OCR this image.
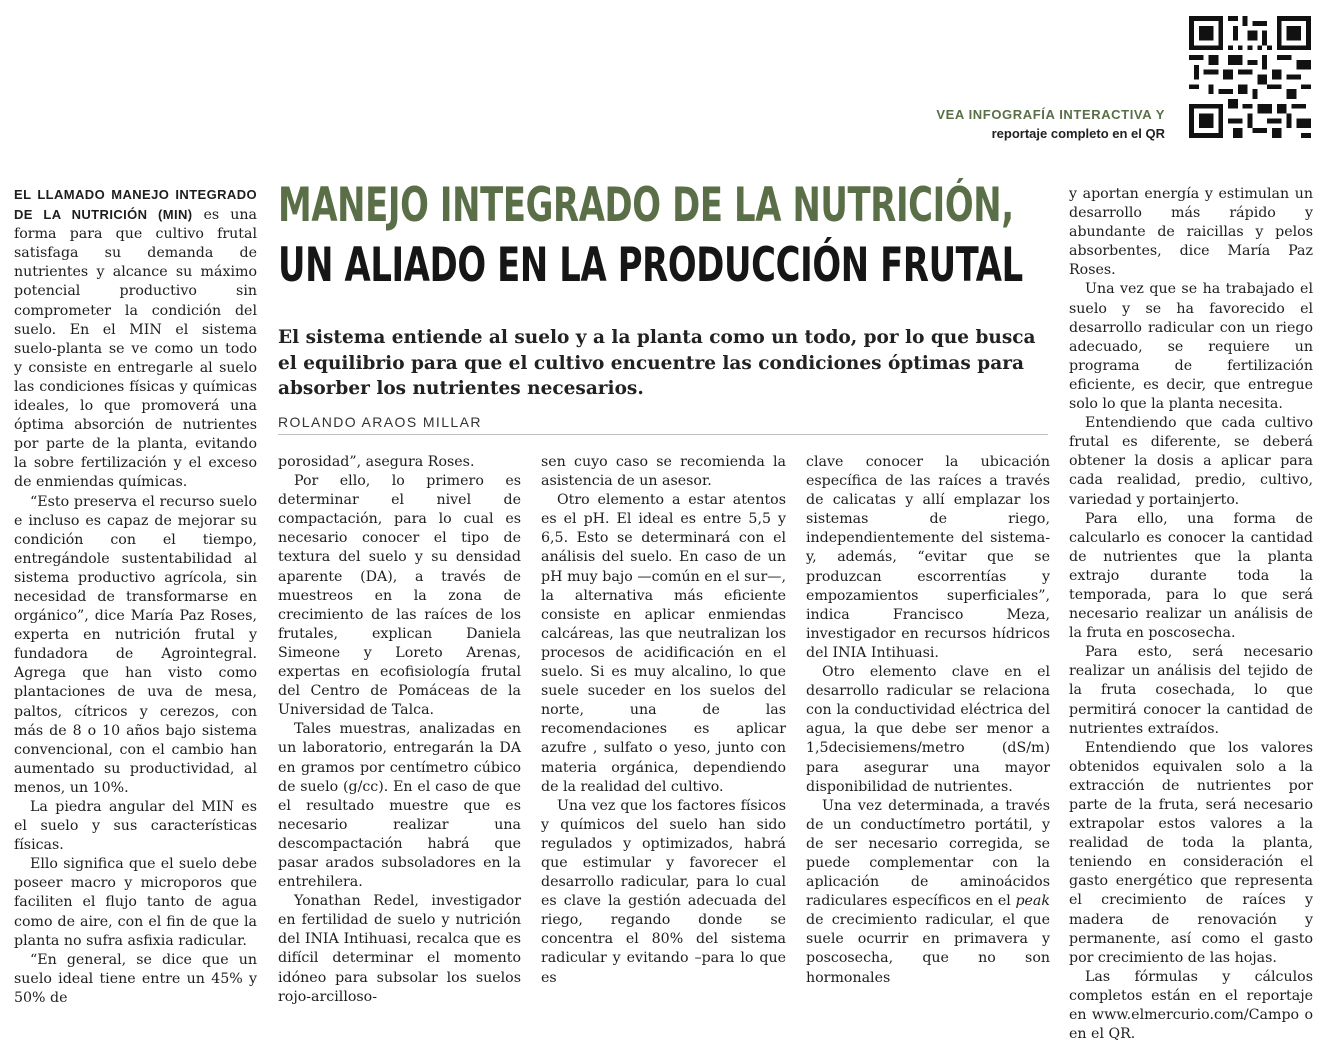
VEA INFOGRAFÍA INTERACTIVA Y
reportaje completo en el QR
MANEJO INTEGRADO DE LA NUTRICIÓN,
UN ALIADO EN LA PRODUCCIÓN FRUTAL
El sistema entiende al suelo y a la planta como un todo, por lo que busca el equilibrio para que el cultivo encuentre las condiciones óptimas para absorber los nutrientes necesarios.
ROLANDO ARAOS MILLAR

EL LLAMADO MANEJO INTEGRADO DE LA NUTRICIÓN (MIN) es una forma para que cultivo frutal satisfaga su demanda de nutrientes y alcance su máximo potencial productivo sin comprometer la condición del suelo. En el MIN el sistema suelo-planta se ve como un todo y consiste en entregarle al suelo las condiciones físicas y químicas ideales, lo que promoverá una óptima absorción de nutrientes por parte de la planta, evitando la sobre fertilización y el exceso de enmiendas químicas.

“Esto preserva el recurso suelo e incluso es capaz de mejorar su condición con el tiempo, entregándole sustentabilidad al sistema productivo agrícola, sin necesidad de transformarse en orgánico”, dice María Paz Roses, experta en nutrición frutal y fundadora de Agrointegral. Agrega que han visto como plantaciones de uva de mesa, paltos, cítricos y cerezos, con más de 8 o 10 años bajo sistema convencional, con el cambio han aumentado su productividad, al menos, un 10%.

La piedra angular del MIN es el suelo y sus características físicas.

Ello significa que el suelo debe poseer macro y microporos que faciliten el flujo tanto de agua como de aire, con el fin de que la planta no sufra asfixia radicular.

“En general, se dice que un suelo ideal tiene entre un 45% y 50% de

porosidad”, asegura Roses.

Por ello, lo primero es determinar el nivel de compactación, para lo cual es necesario conocer el tipo de textura del suelo y su densidad aparente (DA), a través de muestreos en la zona de crecimiento de las raíces de los frutales, explican Daniela Simeone y Loreto Arenas, expertas en ecofisiología frutal del Centro de Pomáceas de la Universidad de Talca.

Tales muestras, analizadas en un laboratorio, entregarán la DA en gramos por centímetro cúbico de suelo (g/cc). En el caso de que el resultado muestre que es necesario realizar una descompactación habrá que pasar arados subsoladores en la entrehilera.

Yonathan Redel, investigador en fertilidad de suelo y nutrición del INIA Intihuasi, recalca que es difícil determinar el momento idóneo para subsolar los suelos rojo-arcilloso-

sen cuyo caso se recomienda la asistencia de un asesor.

Otro elemento a estar atentos es el pH. El ideal es entre 5,5 y 6,5. Esto se determinará con el análisis del suelo. En caso de un pH muy bajo —común en el sur—, la alternativa más eficiente consiste en aplicar enmiendas calcáreas, las que neutralizan los procesos de acidificación en el suelo. Si es muy alcalino, lo que suele suceder en los suelos del norte, una de las recomendaciones es aplicar azufre , sulfato o yeso, junto con materia orgánica, dependiendo de la realidad del cultivo.

Una vez que los factores físicos y químicos del suelo han sido regulados y optimizados, habrá que estimular y favorecer el desarrollo radicular, para lo cual es clave la gestión adecuada del riego, regando donde se concentra el 80% del sistema radicular y evitando –para lo que es

clave conocer la ubicación específica de las raíces a través de calicatas y allí emplazar los sistemas de riego, independientemente del sistema- y, además, “evitar que se produzcan escorrentías y empozamientos superficiales”, indica Francisco Meza, investigador en recursos hídricos del INIA Intihuasi.

Otro elemento clave en el desarrollo radicular se relaciona con la conductividad eléctrica del agua, la que debe ser menor a 1,5decisiemens/metro (dS/m) para asegurar una mayor disponibilidad de nutrientes.

Una vez determinada, a través de un conductímetro portátil, y de ser necesario corregida, se puede complementar con la aplicación de aminoácidos radiculares específicos en el peak de crecimiento radicular, el que suele ocurrir en primavera y poscosecha, que no son hormonales

y aportan energía y estimulan un desarrollo más rápido y abundante de raicillas y pelos absorbentes, dice María Paz Roses.

Una vez que se ha trabajado el suelo y se ha favorecido el desarrollo radicular con un riego adecuado, se requiere un programa de fertilización eficiente, es decir, que entregue solo lo que la planta necesita.

Entendiendo que cada cultivo frutal es diferente, se deberá obtener la dosis a aplicar para cada realidad, predio, cultivo, variedad y portainjerto.

Para ello, una forma de calcularlo es conocer la cantidad de nutrientes que la planta extrajo durante toda la temporada, para lo que será necesario realizar un análisis de la fruta en poscosecha.

Para esto, será necesario realizar un análisis del tejido de la fruta cosechada, lo que permitirá conocer la cantidad de nutrientes extraídos.

Entendiendo que los valores obtenidos equivalen solo a la extracción de nutrientes por parte de la fruta, será necesario extrapolar estos valores a la realidad de toda la planta, teniendo en consideración el gasto energético que representa el crecimiento de raíces y madera de renovación y permanente, así como el gasto por crecimiento de las hojas.

Las fórmulas y cálculos completos están en el reportaje en www.elmercurio.com/Campo o en el QR.
